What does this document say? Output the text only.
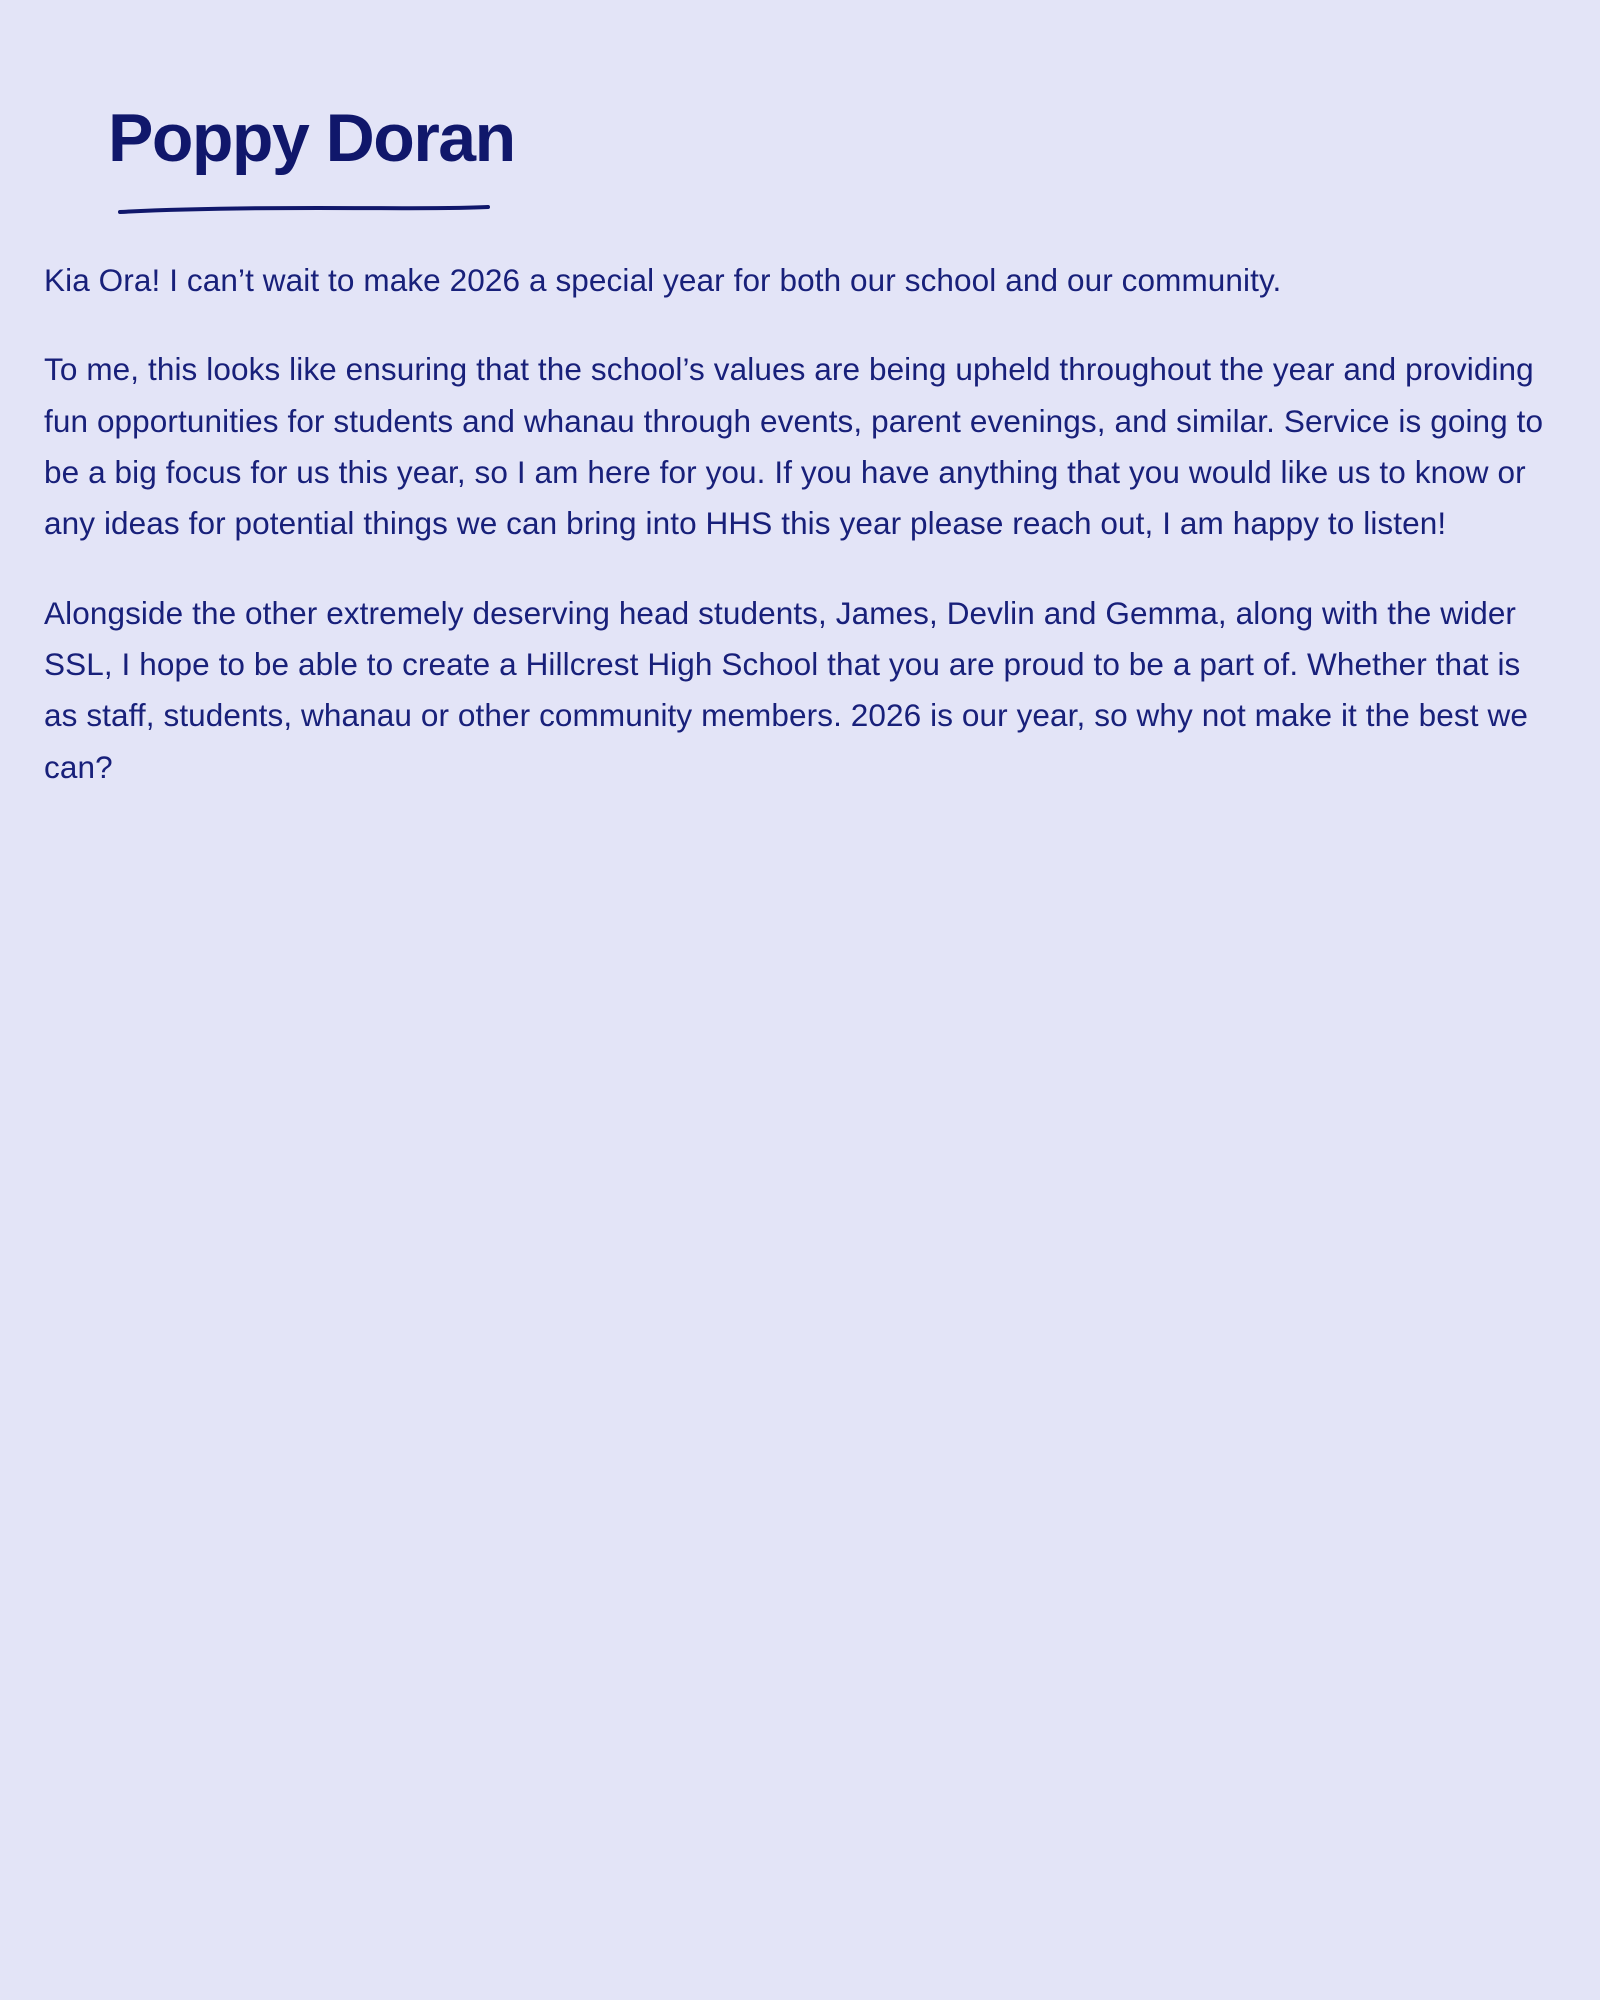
Poppy Doran

Kia Ora! I can’t wait to make 2026 a special year for both our school and our community.

To me, this looks like ensuring that the school’s values are being upheld throughout the year and providing fun opportunities for students and whanau through events, parent evenings, and similar. Service is going to be a big focus for us this year, so I am here for you. If you have anything that you would like us to know or any ideas for potential things we can bring into HHS this year please reach out, I am happy to listen!

Alongside the other extremely deserving head students, James, Devlin and Gemma, along with the wider SSL, I hope to be able to create a Hillcrest High School that you are proud to be a part of. Whether that is as staff, students, whanau or other community members. 2026 is our year, so why not make it the best we can?
